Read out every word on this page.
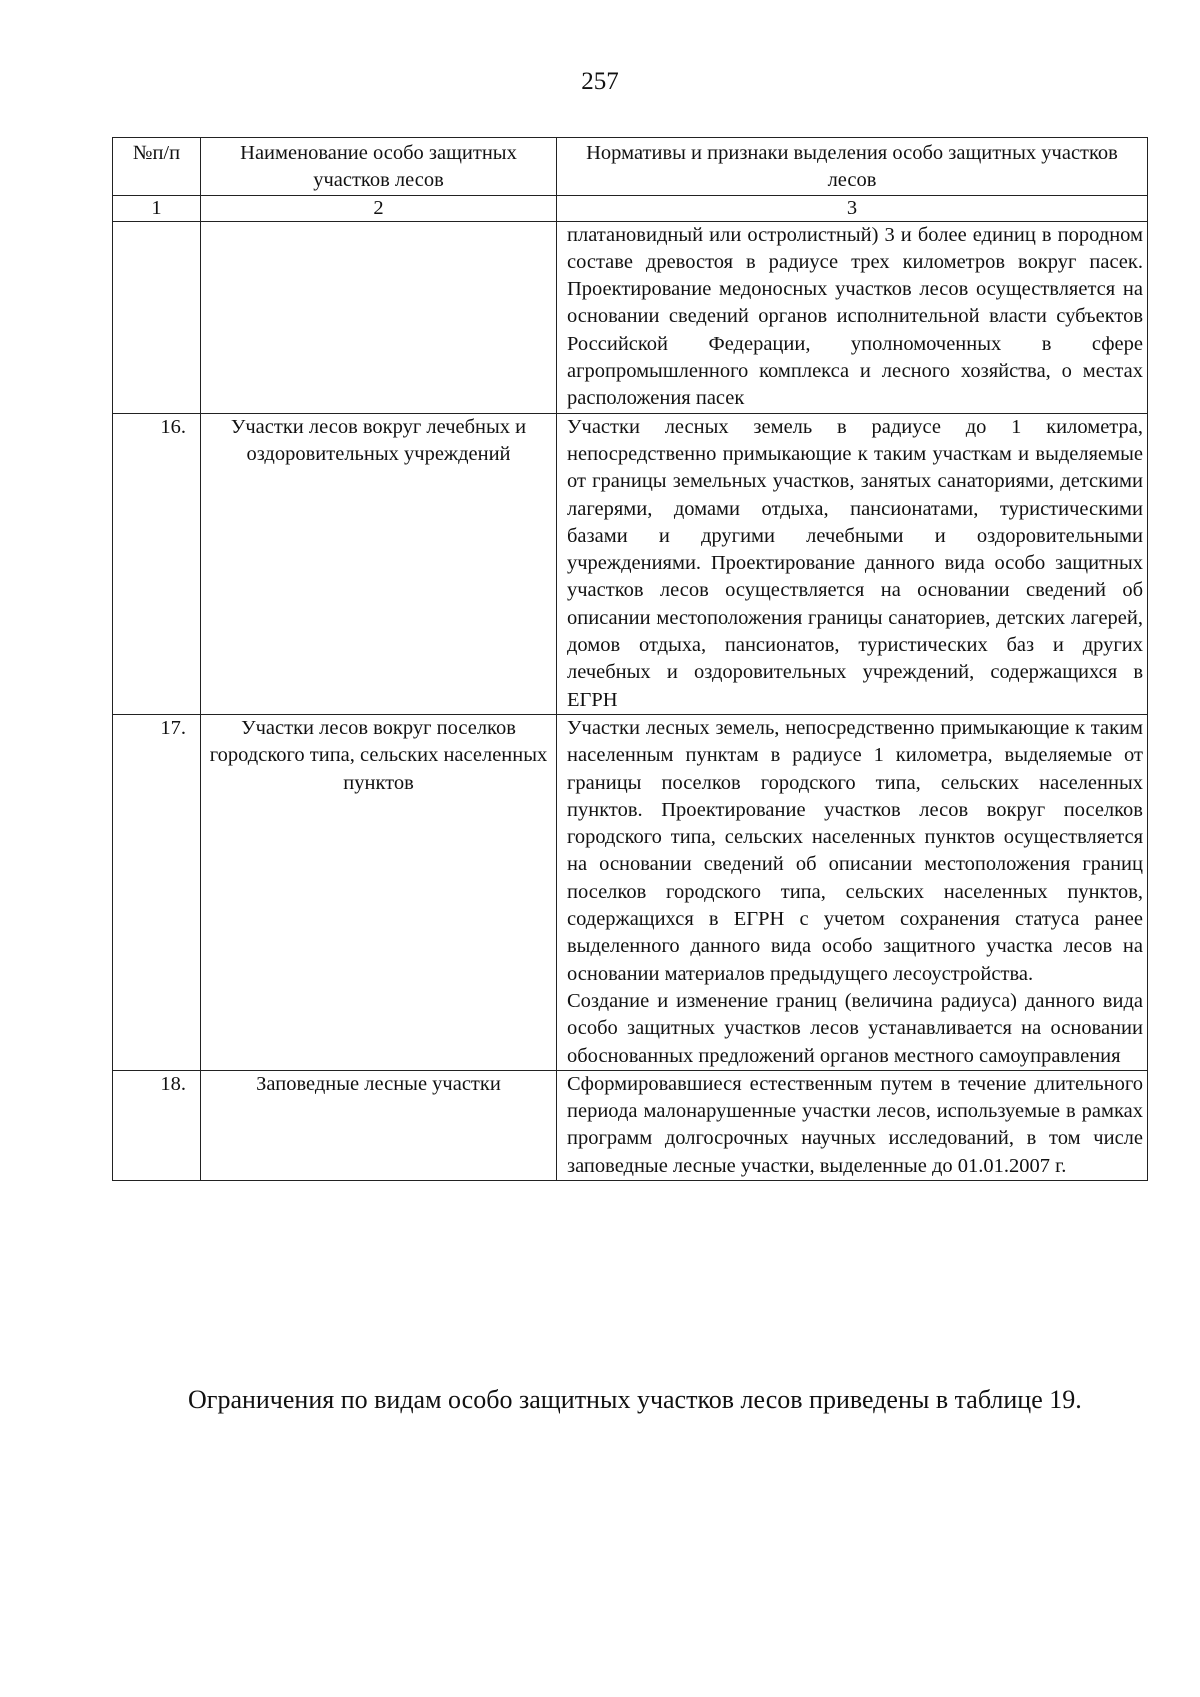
257
№п/п	Наименование особо защитных участков лесов	Нормативы и признаки выделения особо защитных участков лесов
1	2	3

		платановидный или остролистный) 3 и более единиц в породном составе древостоя в радиусе трех километров вокруг пасек. Проектирование медоносных участков лесов осуществляется на основании сведений органов исполнительной власти субъектов Российской Федерации, уполномоченных в сфере агропромышленного комплекса и лесного хозяйства, о местах расположения пасек

16.	Участки лесов вокруг лечебных и оздоровительных учреждений	Участки лесных земель в радиусе до 1 километра, непосредственно примыкающие к таким участкам и выделяемые от границы земельных участков, занятых санаториями, детскими лагерями, домами отдыха, пансионатами, туристическими базами и другими лечебными и оздоровительными учреждениями. Проектирование данного вида особо защитных участков лесов осуществляется на основании сведений об описании местоположения границы санаториев, детских лагерей, домов отдыха, пансионатов, туристических баз и других лечебных и оздоровительных учреждений, содержащихся в ЕГРН

17.	Участки лесов вокруг поселков городского типа, сельских населенных пунктов	Участки лесных земель, непосредственно примыкающие к таким населенным пунктам в радиусе 1 километра, выделяемые от границы поселков городского типа, сельских населенных пунктов. Проектирование участков лесов вокруг поселков городского типа, сельских населенных пунктов осуществляется на основании сведений об описании местоположения границ поселков городского типа, сельских населенных пунктов, содержащихся в ЕГРН с учетом сохранения статуса ранее выделенного данного вида особо защитного участка лесов на основании материалов предыдущего лесоустройства.
Создание и изменение границ (величина радиуса) данного вида особо защитных участков лесов устанавливается на основании обоснованных предложений органов местного самоуправления

18.	Заповедные лесные участки	Сформировавшиеся естественным путем в течение длительного периода малонарушенные участки лесов, используемые в рамках программ долгосрочных научных исследований, в том числе заповедные лесные участки, выделенные до 01.01.2007 г.
Ограничения по видам особо защитных участков лесов приведены в таблице 19.
